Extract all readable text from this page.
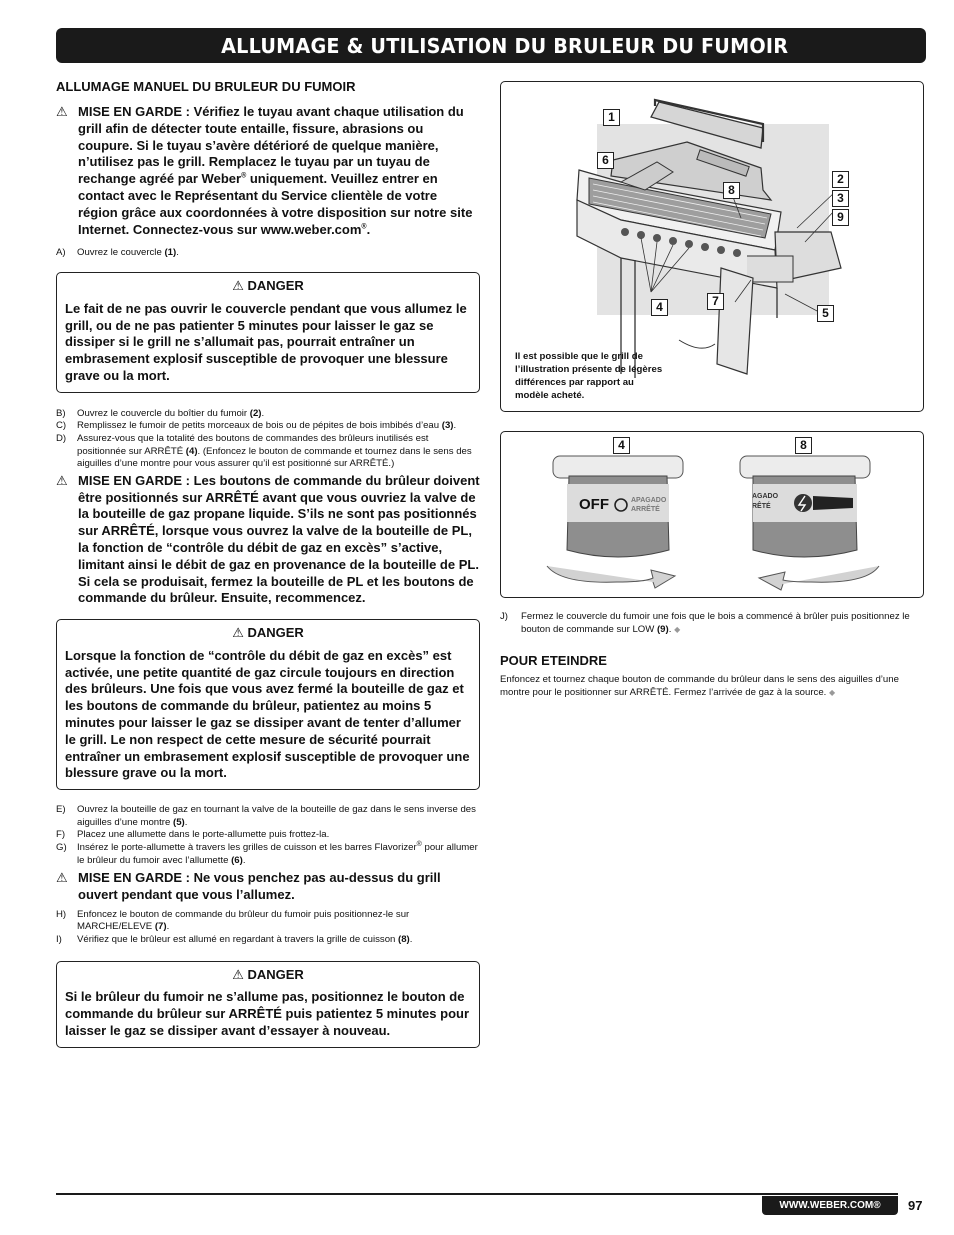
ALLUMAGE & UTILISATION DU BRULEUR DU FUMOIR
ALLUMAGE MANUEL DU BRULEUR DU FUMOIR
⚠ MISE EN GARDE : Vérifiez le tuyau avant chaque utilisation du grill afin de détecter toute entaille, fissure, abrasions ou coupure. Si le tuyau s’avère détérioré de quelque manière, n’utilisez pas le grill. Remplacez le tuyau par un tuyau de rechange agréé par Weber® uniquement. Veuillez entrer en contact avec le Représentant du Service clientèle de votre région grâce aux coordonnées à votre disposition sur notre site Internet. Connectez-vous sur www.weber.com®.
A)	Ouvrez le couvercle (1).
⚠ DANGER
Le fait de ne pas ouvrir le couvercle pendant que vous allumez le grill, ou de ne pas patienter 5 minutes pour laisser le gaz se dissiper si le grill ne s’allumait pas, pourrait entraîner un embrasement explosif susceptible de provoquer une blessure grave ou la mort.
B)	Ouvrez le couvercle du boîtier du fumoir (2).
C)	Remplissez le fumoir de petits morceaux de bois ou de pépites de bois imbibés d’eau (3).
D)	Assurez-vous que la totalité des boutons de commandes des brûleurs inutilisés est positionnée sur ARRÊTÉ (4). (Enfoncez le bouton de commande et tournez dans le sens des aiguilles d’une montre pour vous assurer qu’il est positionné sur ARRÊTÉ.)
⚠ MISE EN GARDE : Les boutons de commande du brûleur doivent être positionnés sur ARRÊTÉ avant que vous ouvriez la valve de la bouteille de gaz propane liquide. S’ils ne sont pas positionnés sur ARRÊTÉ, lorsque vous ouvrez la valve de la bouteille de PL, la fonction de “contrôle du débit de gaz en excès” s’active, limitant ainsi le débit de gaz en provenance de la bouteille de PL. Si cela se produisait, fermez la bouteille de PL et les boutons de commande du brûleur. Ensuite, recommencez.
⚠ DANGER
Lorsque la fonction de “contrôle du débit de gaz en excès” est activée, une petite quantité de gaz circule toujours en direction des brûleurs. Une fois que vous avez fermé la bouteille de gaz et les boutons de commande du brûleur, patientez au moins 5 minutes pour laisser le gaz se dissiper avant de tenter d’allumer le grill. Le non respect de cette mesure de sécurité pourrait entraîner un embrasement explosif susceptible de provoquer une blessure grave ou la mort.
E)	Ouvrez la bouteille de gaz en tournant la valve de la bouteille de gaz dans le sens inverse des aiguilles d’une montre (5).
F)	Placez une allumette dans le porte-allumette puis frottez-la.
G)	Insérez le porte-allumette à travers les grilles de cuisson et les barres Flavorizer® pour allumer le brûleur du fumoir avec l’allumette (6).
⚠ MISE EN GARDE : Ne vous penchez pas au-dessus du grill ouvert pendant que vous l’allumez.
H)	Enfoncez le bouton de commande du brûleur du fumoir puis positionnez-le sur MARCHE/ELEVE (7).
I)	Vérifiez que le brûleur est allumé en regardant à travers la grille de cuisson (8).
⚠ DANGER
Si le brûleur du fumoir ne s’allume pas, positionnez le bouton de commande du brûleur sur ARRÊTÉ puis patientez 5 minutes pour laisser le gaz se dissiper avant d’essayer à nouveau.
1
6
8
2
3
9
4	7
5
Il est possible que le grill de l’illustration présente de légères différences par rapport au modèle acheté.
4	8
OFF	APAGADO
ARRÊTÉ
AGADO
RÊTÉ
J)	Fermez le couvercle du fumoir une fois que le bois a commencé à brûler puis positionnez le bouton de commande sur LOW (9). ◆
POUR ETEINDRE
Enfoncez et tournez chaque bouton de commande du brûleur dans le sens des aiguilles d’une montre pour le positionner sur ARRÊTÉ. Fermez l’arrivée de gaz à la source. ◆
WWW.WEBER.COM®	97
